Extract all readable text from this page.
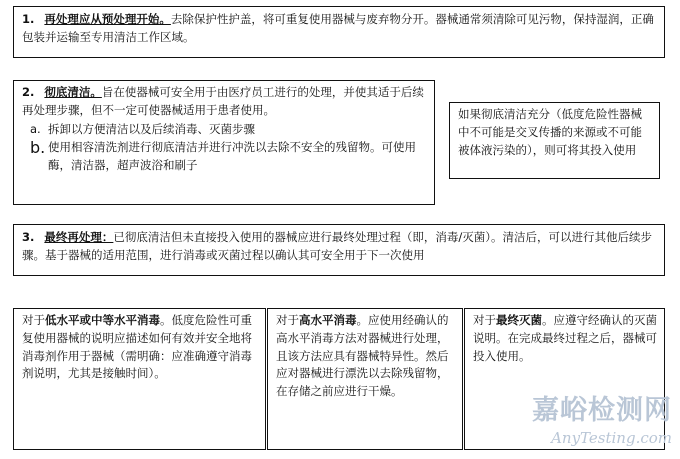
1. 再处理应从预处理开始。去除保护性护盖，将可重复使用器械与废弃物分开。器械通常须清除可见污物，保持湿润，正确包装并运输至专用清洁工作区域。
2. 彻底清洁。旨在使器械可安全用于由医疗员工进行的处理，并使其适于后续再处理步骤，但不一定可使器械适用于患者使用。
a. 拆卸以方便清洁以及后续消毒、灭菌步骤
b. 使用相容清洗剂进行彻底清洁并进行冲洗以去除不安全的残留物。可使用酶，清洁器，超声波浴和刷子
如果彻底清洁充分（低度危险性器械中不可能是交叉传播的来源或不可能被体液污染的），则可将其投入使用
3. 最终再处理：已彻底清洁但未直接投入使用的器械应进行最终处理过程（即，消毒/灭菌）。清洁后，可以进行其他后续步骤。基于器械的适用范围，进行消毒或灭菌过程以确认其可安全用于下一次使用
对于低水平或中等水平消毒。低度危险性可重复使用器械的说明应描述如何有效并安全地将消毒剂作用于器械（需明确：应准确遵守消毒剂说明，尤其是接触时间）。
对于高水平消毒。应使用经确认的高水平消毒方法对器械进行处理，且该方法应具有器械特异性。然后应对器械进行漂洗以去除残留物，在存储之前应进行干燥。
对于最终灭菌。应遵守经确认的灭菌说明。在完成最终过程之后，器械可投入使用。
嘉峪检测网
AnyTesting.com
